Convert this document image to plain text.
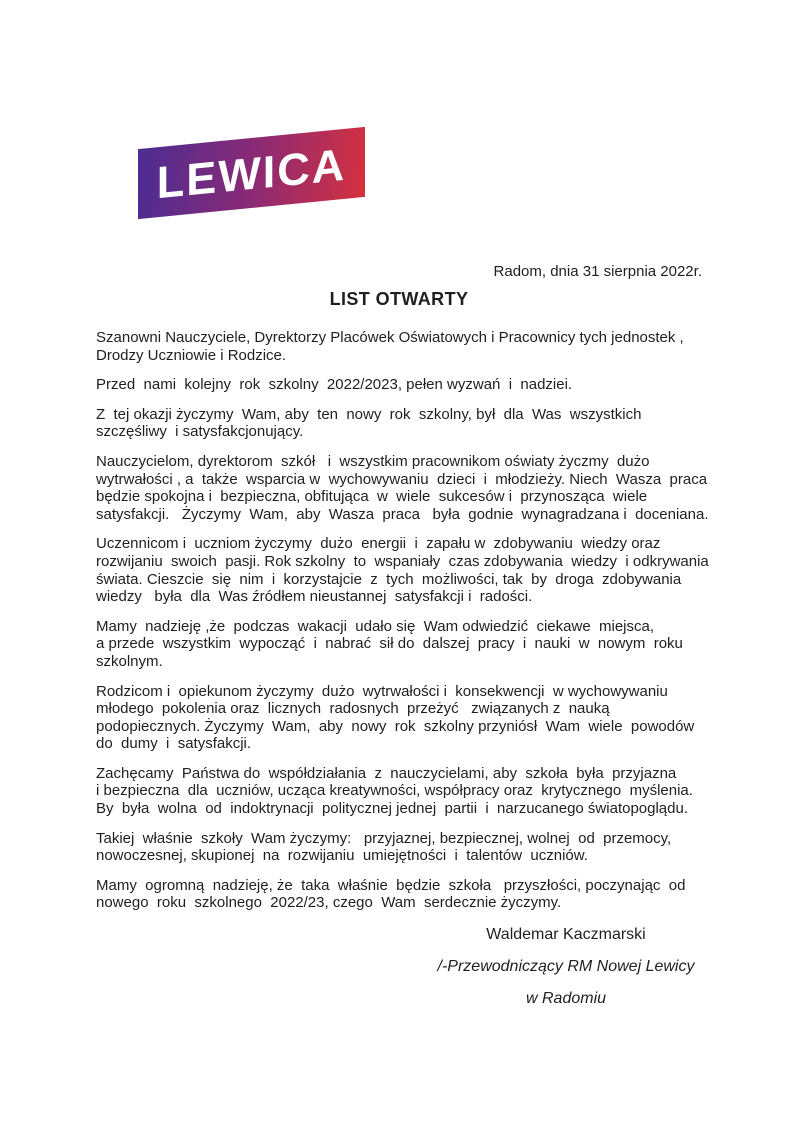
LEWICA
Radom, dnia 31 sierpnia 2022r.
LIST OTWARTY
Szanowni Nauczyciele, Dyrektorzy Placówek Oświatowych i Pracownicy tych jednostek ,
Drodzy Uczniowie i Rodzice.
Przed  nami  kolejny  rok  szkolny  2022/2023, pełen wyzwań  i  nadziei.
Z  tej okazji życzymy  Wam, aby  ten  nowy  rok  szkolny, był  dla  Was  wszystkich
szczęśliwy  i satysfakcjonujący.
Nauczycielom, dyrektorom  szkół   i  wszystkim pracownikom oświaty życzmy  dużo
wytrwałości , a  także  wsparcia w  wychowywaniu  dzieci  i  młodzieży. Niech  Wasza  praca
będzie spokojna i  bezpieczna, obfitująca  w  wiele  sukcesów i  przynosząca  wiele
satysfakcji.   Życzymy  Wam,  aby  Wasza  praca   była  godnie  wynagradzana i  doceniana.
Uczennicom i  uczniom życzymy  dużo  energii  i  zapału w  zdobywaniu  wiedzy oraz
rozwijaniu  swoich  pasji. Rok szkolny  to  wspaniały  czas zdobywania  wiedzy  i odkrywania
świata. Cieszcie  się  nim  i  korzystajcie  z  tych  możliwości, tak  by  droga  zdobywania
wiedzy   była  dla  Was źródłem nieustannej  satysfakcji i  radości.
Mamy  nadzieję ,że  podczas  wakacji  udało się  Wam odwiedzić  ciekawe  miejsca,
a przede  wszystkim  wypocząć  i  nabrać  sił do  dalszej  pracy  i  nauki  w  nowym  roku
szkolnym.
Rodzicom i  opiekunom życzymy  dużo  wytrwałości i  konsekwencji  w wychowywaniu
młodego  pokolenia oraz  licznych  radosnych  przeżyć   związanych z  nauką
podopiecznych. Życzymy  Wam,  aby  nowy  rok  szkolny przyniósł  Wam  wiele  powodów
do  dumy  i  satysfakcji.
Zachęcamy  Państwa do  współdziałania  z  nauczycielami, aby  szkoła  była  przyjazna
i bezpieczna  dla  uczniów, ucząca kreatywności, współpracy oraz  krytycznego  myślenia.
By  była  wolna  od  indoktrynacji  politycznej jednej  partii  i  narzucanego światopoglądu.
Takiej  właśnie  szkoły  Wam życzymy:   przyjaznej, bezpiecznej, wolnej  od  przemocy,
nowoczesnej, skupionej  na  rozwijaniu  umiejętności  i  talentów  uczniów.
Mamy  ogromną  nadzieję, że  taka  właśnie  będzie  szkoła   przyszłości, poczynając  od
nowego  roku  szkolnego  2022/23, czego  Wam  serdecznie życzymy.
Waldemar Kaczmarski
/-Przewodniczący RM Nowej Lewicy
w Radomiu
